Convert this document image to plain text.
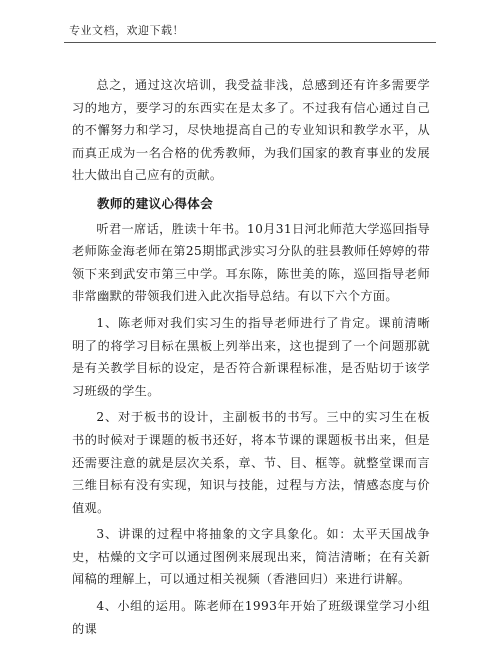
专业文档，欢迎下载！

总之，通过这次培训，我受益非浅，总感到还有许多需要学习的地方，要学习的东西实在是太多了。不过我有信心通过自己的不懈努力和学习，尽快地提高自己的专业知识和教学水平，从而真正成为一名合格的优秀教师，为我们国家的教育事业的发展壮大做出自己应有的贡献。

教师的建议心得体会

听君一席话，胜读十年书。10月31日河北师范大学巡回指导老师陈金海老师在第25期邯武涉实习分队的驻县教师任婷婷的带领下来到武安市第三中学。耳东陈，陈世美的陈，巡回指导老师非常幽默的带领我们进入此次指导总结。有以下六个方面。

1、陈老师对我们实习生的指导老师进行了肯定。课前清晰明了的将学习目标在黑板上列举出来，这也提到了一个问题那就是有关教学目标的设定，是否符合新课程标准，是否贴切于该学习班级的学生。

2、对于板书的设计，主副板书的书写。三中的实习生在板书的时候对于课题的板书还好，将本节课的课题板书出来，但是还需要注意的就是层次关系，章、节、目、框等。就整堂课而言三维目标有没有实现，知识与技能，过程与方法，情感态度与价值观。

3、讲课的过程中将抽象的文字具象化。如：太平天国战争史，枯燥的文字可以通过图例来展现出来，简洁清晰；在有关新闻稿的理解上，可以通过相关视频（香港回归）来进行讲解。

4、小组的运用。陈老师在1993年开始了班级课堂学习小组的课
